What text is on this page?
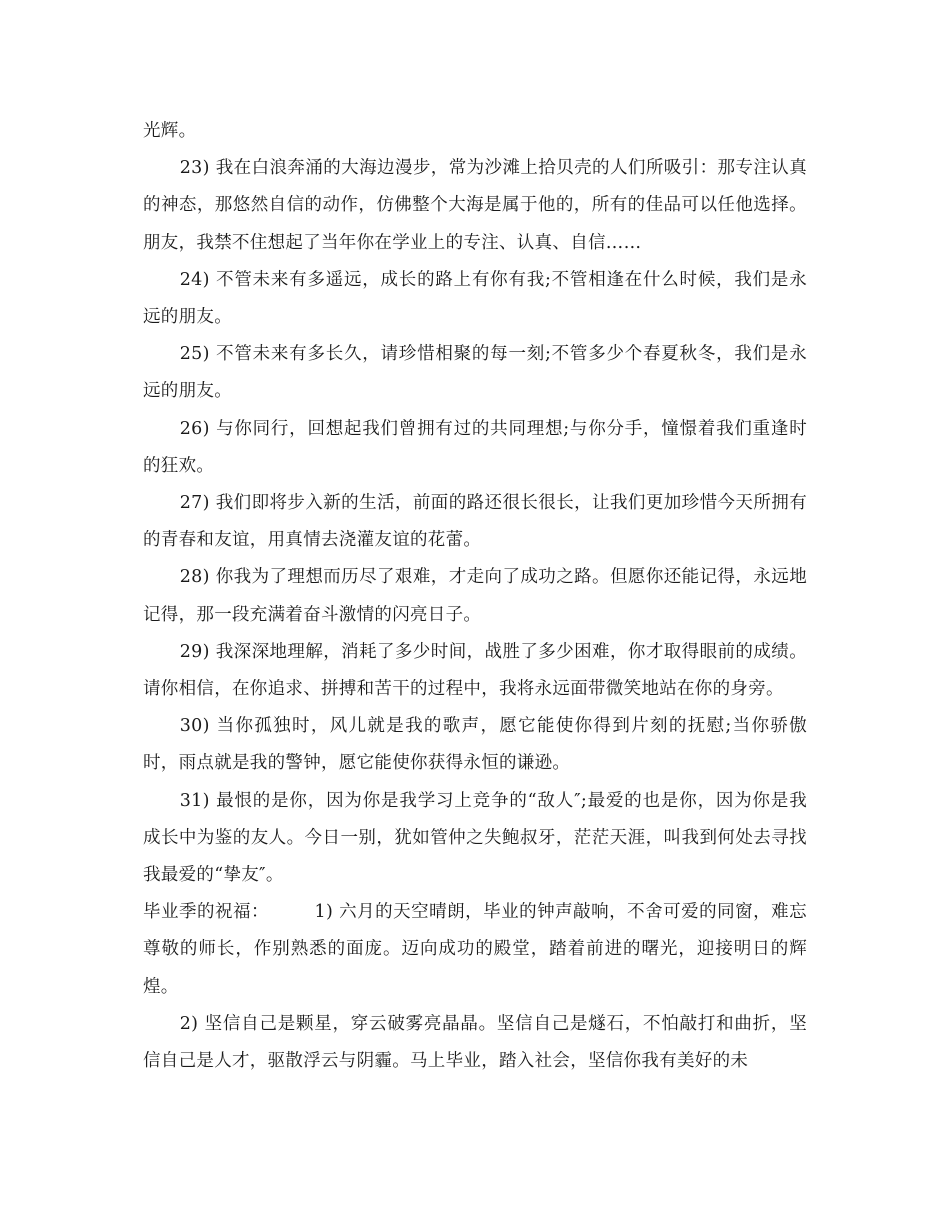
光辉。

23) 我在白浪奔涌的大海边漫步，常为沙滩上拾贝壳的人们所吸引：那专注认真的神态，那悠然自信的动作，仿佛整个大海是属于他的，所有的佳品可以任他选择。朋友，我禁不住想起了当年你在学业上的专注、认真、自信……

24) 不管未来有多遥远，成长的路上有你有我;不管相逢在什么时候，我们是永远的朋友。

25) 不管未来有多长久，请珍惜相聚的每一刻;不管多少个春夏秋冬，我们是永远的朋友。

26) 与你同行，回想起我们曾拥有过的共同理想;与你分手，憧憬着我们重逢时的狂欢。

27) 我们即将步入新的生活，前面的路还很长很长，让我们更加珍惜今天所拥有的青春和友谊，用真情去浇灌友谊的花蕾。

28) 你我为了理想而历尽了艰难，才走向了成功之路。但愿你还能记得，永远地记得，那一段充满着奋斗激情的闪亮日子。

29) 我深深地理解，消耗了多少时间，战胜了多少困难，你才取得眼前的成绩。请你相信，在你追求、拼搏和苦干的过程中，我将永远面带微笑地站在你的身旁。

30) 当你孤独时，风儿就是我的歌声，愿它能使你得到片刻的抚慰;当你骄傲时，雨点就是我的警钟，愿它能使你获得永恒的谦逊。

31) 最恨的是你，因为你是我学习上竞争的“敌人″;最爱的也是你，因为你是我成长中为鉴的友人。今日一别，犹如管仲之失鲍叔牙，茫茫天涯，叫我到何处去寻找我最爱的“挚友″。

毕业季的祝福：	1) 六月的天空晴朗，毕业的钟声敲响，不舍可爱的同窗，难忘尊敬的师长，作别熟悉的面庞。迈向成功的殿堂，踏着前进的曙光，迎接明日的辉煌。

2) 坚信自己是颗星，穿云破雾亮晶晶。坚信自己是燧石，不怕敲打和曲折，坚信自己是人才，驱散浮云与阴霾。马上毕业，踏入社会，坚信你我有美好的未
